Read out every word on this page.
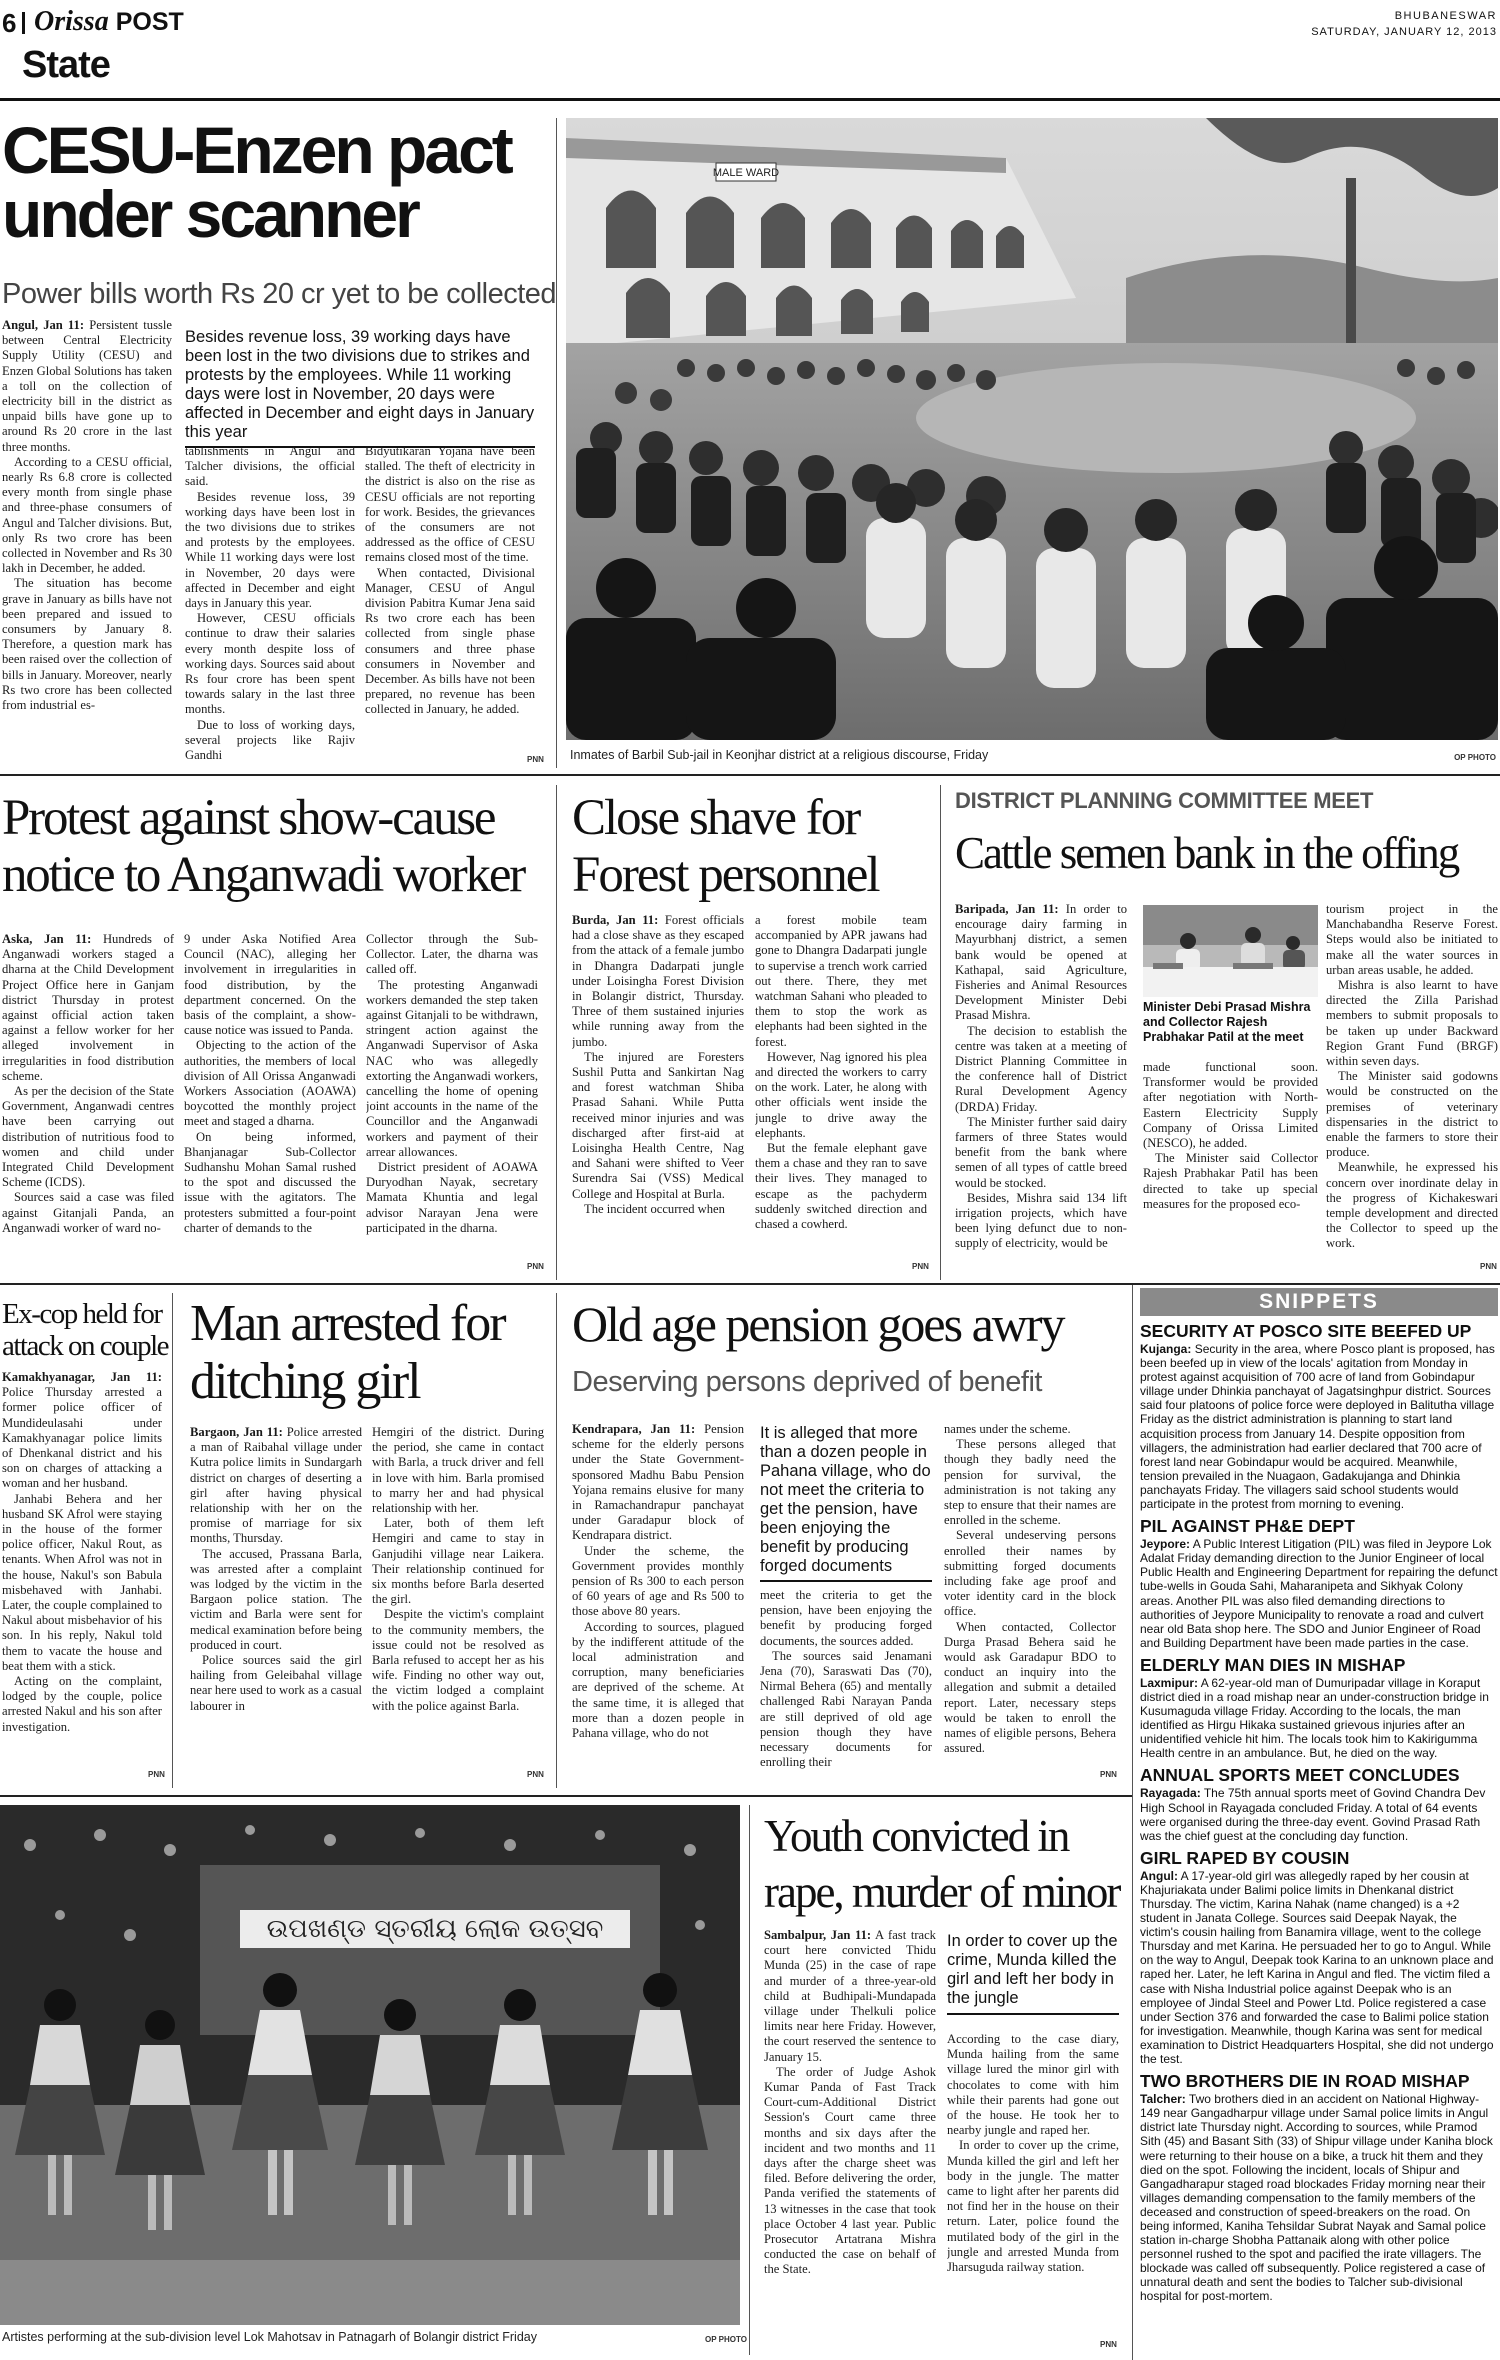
6 Orissa POST
State
BHUBANESWAR
SATURDAY, JANUARY 12, 2013
CESU-Enzen pact
under scanner
Power bills worth Rs 20 cr yet to be collected

Angul, Jan 11: Persistent tussle between Central Electricity Supply Utility (CESU) and Enzen Global Solutions has taken a toll on the collection of electricity bill in the district as unpaid bills have gone up to around Rs 20 crore in the last three months.

According to a CESU official, nearly Rs 6.8 crore is collected every month from single phase and three-phase consumers of Angul and Talcher divisions. But, only Rs two crore has been collected in November and Rs 30 lakh in December, he added.

The situation has become grave in January as bills have not been prepared and issued to consumers by January 8. Therefore, a question mark has been raised over the collection of bills in January. Moreover, nearly Rs two crore has been collected from industrial es-

Besides revenue loss, 39 working days have been lost in the two divisions due to strikes and protests by the employees. While 11 working days were lost in November, 20 days were affected in December and eight days in January this year

tablishments in Angul and Talcher divisions, the official said.

Besides revenue loss, 39 working days have been lost in the two divisions due to strikes and protests by the employees. While 11 working days were lost in November, 20 days were affected in December and eight days in January this year.

However, CESU officials continue to draw their salaries every month despite loss of working days. Sources said about Rs four crore has been spent towards salary in the last three months.

Due to loss of working days, several projects like Rajiv Gandhi

Bidyutikaran Yojana have been stalled. The theft of electricity in the district is also on the rise as CESU officials are not reporting for work. Besides, the grievances of the consumers are not addressed as the office of CESU remains closed most of the time.

When contacted, Divisional Manager, CESU of Angul division Pabitra Kumar Jena said Rs two crore each has been collected from single phase consumers and three phase consumers in November and December. As bills have not been prepared, no revenue has been collected in January, he added.

PNN
MALE WARD
Inmates of Barbil Sub-jail in Keonjhar district at a religious discourse, Friday	OP PHOTO
Protest against show-cause
notice to Anganwadi worker

Aska, Jan 11: Hundreds of Anganwadi workers staged a dharna at the Child Development Project Office here in Ganjam district Thursday in protest against official action taken against a fellow worker for her alleged involvement in irregularities in food distribution scheme.

As per the decision of the State Government, Anganwadi centres have been carrying out distribution of nutritious food to women and child under Integrated Child Development Scheme (ICDS).

Sources said a case was filed against Gitanjali Panda, an Anganwadi worker of ward no-

9 under Aska Notified Area Council (NAC), alleging her involvement in irregularities in food distribution, by the department concerned. On the basis of the complaint, a show-cause notice was issued to Panda.

Objecting to the action of the authorities, the members of local division of All Orissa Anganwadi Workers Association (AOAWA) boycotted the monthly project meet and staged a dharna.

On being informed, Bhanjanagar Sub-Collector Sudhanshu Mohan Samal rushed to the spot and discussed the issue with the agitators. The protesters submitted a four-point charter of demands to the

Collector through the Sub-Collector. Later, the dharna was called off.

The protesting Anganwadi workers demanded the step taken against Gitanjali to be withdrawn, stringent action against the Anganwadi Supervisor of Aska NAC who was allegedly extorting the Anganwadi workers, cancelling the home of opening joint accounts in the name of the Councillor and the Anganwadi workers and payment of their arrear allowances.

District president of AOAWA Duryodhan Nayak, secretary Mamata Khuntia and legal advisor Narayan Jena were participated in the dharna.

PNN
Close shave for
Forest personnel

Burda, Jan 11: Forest officials had a close shave as they escaped from the attack of a female jumbo in Dhangra Dadarpati jungle under Loisingha Forest Division in Bolangir district, Thursday. Three of them sustained injuries while running away from the jumbo.

The injured are Foresters Sushil Putta and Sankirtan Nag and forest watchman Shiba Prasad Sahani. While Putta received minor injuries and was discharged after first-aid at Loisingha Health Centre, Nag and Sahani were shifted to Veer Surendra Sai (VSS) Medical College and Hospital at Burla.

The incident occurred when

a forest mobile team accompanied by APR jawans had gone to Dhangra Dadarpati jungle to supervise a trench work carried out there. There, they met watchman Sahani who pleaded to them to stop the work as elephants had been sighted in the forest.

However, Nag ignored his plea and directed the workers to carry on the work. Later, he along with other officials went inside the jungle to drive away the elephants.

But the female elephant gave them a chase and they ran to save their lives. They managed to escape as the pachyderm suddenly switched direction and chased a cowherd.

PNN
DISTRICT PLANNING COMMITTEE MEET
Cattle semen bank in the offing

Baripada, Jan 11: In order to encourage dairy farming in Mayurbhanj district, a semen bank would be opened at Kathapal, said Agriculture, Fisheries and Animal Resources Development Minister Debi Prasad Mishra.

The decision to establish the centre was taken at a meeting of District Planning Committee in the conference hall of District Rural Development Agency (DRDA) Friday.

The Minister further said dairy farmers of three States would benefit from the bank where semen of all types of cattle breed would be stocked.

Besides, Mishra said 134 lift irrigation projects, which have been lying defunct due to non-supply of electricity, would be

Minister Debi Prasad Mishra and Collector Rajesh Prabhakar Patil at the meet

made functional soon. Transformer would be provided after negotiation with North-Eastern Electricity Supply Company of Orissa Limited (NESCO), he added.

The Minister said Collector Rajesh Prabhakar Patil has been directed to take up special measures for the proposed eco-

tourism project in the Manchabandha Reserve Forest. Steps would also be initiated to make all the water sources in urban areas usable, he added.

Mishra is also learnt to have directed the Zilla Parishad members to submit proposals to be taken up under Backward Region Grant Fund (BRGF) within seven days.

The Minister said godowns would be constructed on the premises of veterinary dispensaries in the district to enable the farmers to store their produce.

Meanwhile, he expressed his concern over inordinate delay in the progress of Kichakeswari temple development and directed the Collector to speed up the work.

PNN
Ex-cop held for
attack on couple

Kamakhyanagar, Jan 11: Police Thursday arrested a former police officer of Mundideulasahi under Kamakhyanagar police limits of Dhenkanal district and his son on charges of attacking a woman and her husband.

Janhabi Behera and her husband SK Afrol were staying in the house of the former police officer, Nakul Rout, as tenants. When Afrol was not in the house, Nakul's son Babula misbehaved with Janhabi. Later, the couple complained to Nakul about misbehavior of his son. In his reply, Nakul told them to vacate the house and beat them with a stick.

Acting on the complaint, lodged by the couple, police arrested Nakul and his son after investigation.

PNN
Man arrested for
ditching girl

Bargaon, Jan 11: Police arrested a man of Raibahal village under Kutra police limits in Sundargarh district on charges of deserting a girl after having physical relationship with her on the promise of marriage for six months, Thursday.

The accused, Prassana Barla, was arrested after a complaint was lodged by the victim in the Bargaon police station. The victim and Barla were sent for medical examination before being produced in court.

Police sources said the girl hailing from Geleibahal village near here used to work as a casual labourer in

Hemgiri of the district. During the period, she came in contact with Barla, a truck driver and fell in love with him. Barla promised to marry her and had physical relationship with her.

Later, both of them left Hemgiri and came to stay in Ganjudihi village near Laikera. Their relationship continued for six months before Barla deserted the girl.

Despite the victim's complaint to the community members, the issue could not be resolved as Barla refused to accept her as his wife. Finding no other way out, the victim lodged a complaint with the police against Barla.

PNN
Old age pension goes awry
Deserving persons deprived of benefit

Kendrapara, Jan 11: Pension scheme for the elderly persons under the State Government-sponsored Madhu Babu Pension Yojana remains elusive for many in Ramachandrapur panchayat under Garadapur block of Kendrapara district.

Under the scheme, the Government provides monthly pension of Rs 300 to each person of 60 years of age and Rs 500 to those above 80 years.

According to sources, plagued by the indifferent attitude of the local administration and corruption, many beneficiaries are deprived of the scheme. At the same time, it is alleged that more than a dozen people in Pahana village, who do not

It is alleged that more than a dozen people in Pahana village, who do not meet the criteria to get the pension, have been enjoying the benefit by producing forged documents

meet the criteria to get the pension, have been enjoying the benefit by producing forged documents, the sources added.

The sources said Jenamani Jena (70), Saraswati Das (70), Nirmal Behera (65) and mentally challenged Rabi Narayan Panda are still deprived of old age pension though they have necessary documents for enrolling their

names under the scheme.

These persons alleged that though they badly need the pension for survival, the administration is not taking any step to ensure that their names are enrolled in the scheme.

Several undeserving persons enrolled their names by submitting forged documents including fake age proof and voter identity card in the block office.

When contacted, Collector Durga Prasad Behera said he would ask Garadapur BDO to conduct an inquiry into the allegation and submit a detailed report. Later, necessary steps would be taken to enroll the names of eligible persons, Behera assured.

PNN
SNIPPETS
SECURITY AT POSCO SITE BEEFED UP
Kujanga: Security in the area, where Posco plant is proposed, has been beefed up in view of the locals' agitation from Monday in protest against acquisition of 700 acre of land from Gobindapur village under Dhinkia panchayat of Jagatsinghpur district. Sources said four platoons of police force were deployed in Balitutha village Friday as the district administration is planning to start land acquisition process from January 14. Despite opposition from villagers, the administration had earlier declared that 700 acre of forest land near Gobindapur would be acquired. Meanwhile, tension prevailed in the Nuagaon, Gadakujanga and Dhinkia panchayats Friday. The villagers said school students would participate in the protest from morning to evening.
PIL AGAINST PH&E DEPT
Jeypore: A Public Interest Litigation (PIL) was filed in Jeypore Lok Adalat Friday demanding direction to the Junior Engineer of local Public Health and Engineering Department for repairing the defunct tube-wells in Gouda Sahi, Maharanipeta and Sikhyak Colony areas. Another PIL was also filed demanding directions to authorities of Jeypore Municipality to renovate a road and culvert near old Bata shop here. The SDO and Junior Engineer of Road and Building Department have been made parties in the case.
ELDERLY MAN DIES IN MISHAP
Laxmipur: A 62-year-old man of Dumuripadar village in Koraput district died in a road mishap near an under-construction bridge in Kusumaguda village Friday. According to the locals, the man identified as Hirgu Hikaka sustained grievous injuries after an unidentified vehicle hit him. The locals took him to Kakirigumma Health centre in an ambulance. But, he died on the way.
ANNUAL SPORTS MEET CONCLUDES
Rayagada: The 75th annual sports meet of Govind Chandra Dev High School in Rayagada concluded Friday. A total of 64 events were organised during the three-day event. Govind Prasad Rath was the chief guest at the concluding day function.
GIRL RAPED BY COUSIN
Angul: A 17-year-old girl was allegedly raped by her cousin at Khajuriakata under Balimi police limits in Dhenkanal district Thursday. The victim, Karina Nahak (name changed) is a +2 student in Janata College. Sources said Deepak Nayak, the victim's cousin hailing from Banamira village, went to the college Thursday and met Karina. He persuaded her to go to Angul. While on the way to Angul, Deepak took Karina to an unknown place and raped her. Later, he left Karina in Angul and fled. The victim filed a case with Nisha Industrial police against Deepak who is an employee of Jindal Steel and Power Ltd. Police registered a case under Section 376 and forwarded the case to Balimi police station for investigation. Meanwhile, though Karina was sent for medical examination to District Headquarters Hospital, she did not undergo the test.
TWO BROTHERS DIE IN ROAD MISHAP
Talcher: Two brothers died in an accident on National Highway-149 near Gangadharpur village under Samal police limits in Angul district late Thursday night. According to sources, while Pramod Sith (45) and Basant Sith (33) of Shipur village under Kaniha block were returning to their house on a bike, a truck hit them and they died on the spot. Following the incident, locals of Shipur and Gangadharapur staged road blockades Friday morning near their villages demanding compensation to the family members of the deceased and construction of speed-breakers on the road. On being informed, Kaniha Tehsildar Subrat Nayak and Samal police station in-charge Shobha Pattanaik along with other police personnel rushed to the spot and pacified the irate villagers. The blockade was called off subsequently. Police registered a case of unnatural death and sent the bodies to Talcher sub-divisional hospital for post-mortem.
ଉପଖଣ୍ଡ ସ୍ତରୀୟ ଲୋକ ଉତ୍ସବ
Artistes performing at the sub-division level Lok Mahotsav in Patnagarh of Bolangir district Friday	OP PHOTO
Youth convicted in
rape, murder of minor

Sambalpur, Jan 11: A fast track court here convicted Thidu Munda (25) in the case of rape and murder of a three-year-old child at Budhipali-Mundapada village under Thelkuli police limits near here Friday. However, the court reserved the sentence to January 15.

The order of Judge Ashok Kumar Panda of Fast Track Court-cum-Additional District Session's Court came three months and six days after the incident and two months and 11 days after the charge sheet was filed. Before delivering the order, Panda verified the statements of 13 witnesses in the case that took place October 4 last year. Public Prosecutor Artatrana Mishra conducted the case on behalf of the State.

In order to cover up the crime, Munda killed the girl and left her body in the jungle

According to the case diary, Munda hailing from the same village lured the minor girl with chocolates to come with him while their parents had gone out of the house. He took her to nearby jungle and raped her.

In order to cover up the crime, Munda killed the girl and left her body in the jungle. The matter came to light after her parents did not find her in the house on their return. Later, police found the mutilated body of the girl in the jungle and arrested Munda from Jharsuguda railway station.

PNN
